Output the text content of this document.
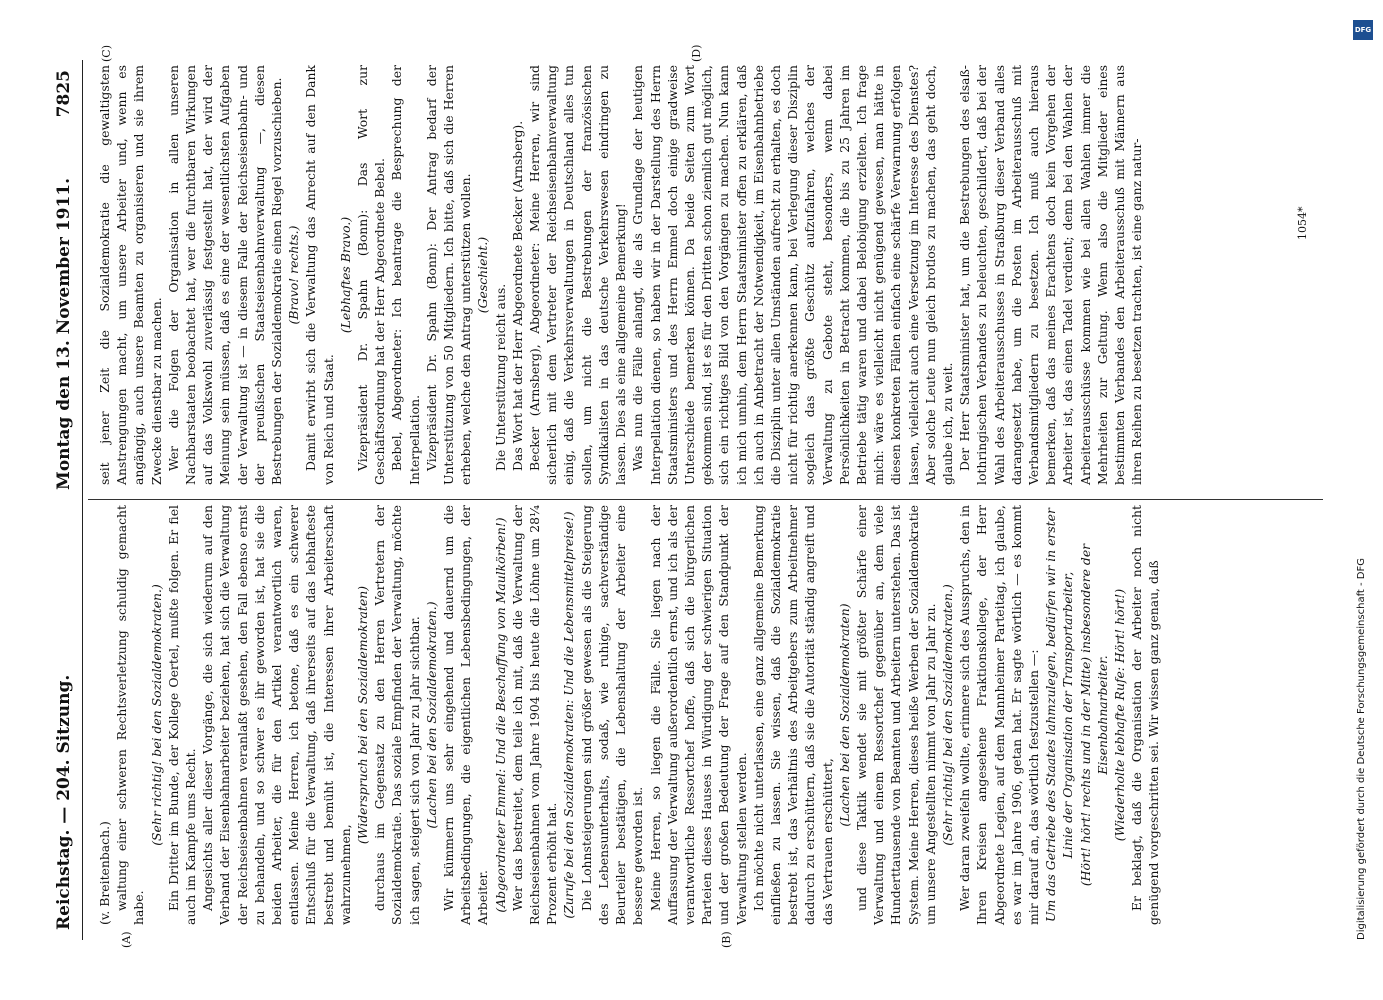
Reichstag. — 204. Sitzung.
Montag den 13. November 1911.
7825
(A)	(B)
(C)	(D)

(v. Breitenbach.) waltung einer schweren Rechtsverletzung schuldig gemacht habe.

(Sehr richtig! bei den Sozialdemokraten.) Ein Dritter im Bunde, der Kollege Oertel, mußte folgen. Er fiel auch im Kampfe ums Recht. Angesichts aller dieser Vorgänge, die sich wiederum auf den Verband der Eisenbahnarbeiter beziehen, hat sich die Verwaltung der Reichseisenbahnen veranlaßt gesehen, den Fall ebenso ernst zu behandeln, und so schwer es ihr geworden ist, hat sie die beiden Arbeiter, die für den Artikel verantwortlich waren, entlassen. Meine Herren, ich betone, daß es ein schwerer Entschluß für die Verwaltung, daß ihrerseits auf das lebhafteste bestrebt und bemüht ist, die Interessen ihrer Arbeiterschaft wahrzunehmen,

(Widerspruch bei den Sozialdemokraten) durchaus im Gegensatz zu den Herren Vertretern der Sozialdemokratie. Das soziale Empfinden der Verwaltung, möchte ich sagen, steigert sich von Jahr zu Jahr sichtbar. (Lachen bei den Sozialdemokraten.) Wir kümmern uns sehr eingehend und dauernd um die Arbeitsbedingungen, die eigentlichen Lebensbedingungen, der Arbeiter. (Abgeordneter Emmel: Und die Beschaffung von Maulkörben!) Wer das bestreitet, dem teile ich mit, daß die Verwaltung der Reichseisenbahnen vom Jahre 1904 bis heute die Löhne um 28¼ Prozent erhöht hat. (Zurufe bei den Sozialdemokraten: Und die Lebensmittelpreise!) Die Lohnsteigerungen sind größer gewesen als die Steigerung des Lebensunterhalts, sodaß, wie ruhige, sachverständige Beurteiler bestätigen, die Lebenshaltung der Arbeiter eine bessere geworden ist. Meine Herren, so liegen die Fälle. Sie liegen nach der Auffassung der Verwaltung außerordentlich ernst, und ich als der verantwortliche Ressortchef hoffe, daß sich die bürgerlichen Parteien dieses Hauses in Würdigung der schwierigen Situation und der großen Bedeutung der Frage auf den Standpunkt der Verwaltung stellen werden. Ich möchte nicht unterlassen, eine ganz allgemeine Bemerkung einfließen zu lassen. Sie wissen, daß die Sozialdemokratie bestrebt ist, das Verhältnis des Arbeitgebers zum Arbeitnehmer dadurch zu erschüttern, daß sie die Autorität ständig angreift und das Vertrauen erschüttert,

(Lachen bei den Sozialdemokraten) und diese Taktik wendet sie mit größter Schärfe einer Verwaltung und einem Ressortchef gegenüber an, dem viele Hunderttausende von Beamten und Arbeitern unterstehen. Das ist System. Meine Herren, dieses heiße Werben der Sozialdemokratie um unsere Angestellten nimmt von Jahr zu Jahr zu. (Sehr richtig! bei den Sozialdemokraten.) Wer daran zweifeln wollte, erinnere sich des Ausspruchs, den in Ihren Kreisen angesehene Fraktionskollege, der Herr Abgeordnete Legien, auf dem Mannheimer Parteitag, ich glaube, es war im Jahre 1906, getan hat. Er sagte wörtlich — es kommt mir darauf an, das wörtlich festzustellen —: Um das Getriebe des Staates lahmzulegen, bedürfen wir in erster Linie der Organisation der Transportarbeiter, (Hört! hört! rechts und in der Mitte) insbesondere der Eisenbahnarbeiter. (Wiederholte lebhafte Rufe: Hört! hört!) Er beklagt, daß die Organisation der Arbeiter noch nicht genügend vorgeschritten sei. Wir wissen ganz genau, daß

seit jener Zeit die Sozialdemokratie die gewaltigsten Anstrengungen macht, um unsere Arbeiter und, wenn es angängig, auch unsere Beamten zu organisieren und sie ihrem Zwecke dienstbar zu machen. Wer die Folgen der Organisation in allen unseren Nachbarstaaten beobachtet hat, wer die furchtbaren Wirkungen auf das Volkswohl zuverlässig festgestellt hat, der wird der Meinung sein müssen, daß es eine der wesentlichsten Aufgaben der Verwaltung ist — in diesem Falle der Reichseisenbahn- und der preußischen Staatseisenbahnverwaltung —, diesen Bestrebungen der Sozialdemokratie einen Riegel vorzuschieben. (Bravo! rechts.) Damit erwirbt sich die Verwaltung das Anrecht auf den Dank von Reich und Staat.

(Lebhaftes Bravo.) Vizepräsident Dr. Spahn (Bonn): Das Wort zur Geschäftsordnung hat der Herr Abgeordnete Bebel. Bebel, Abgeordneter: Ich beantrage die Besprechung der Interpellation. Vizepräsident Dr. Spahn (Bonn): Der Antrag bedarf der Unterstützung von 50 Mitgliedern. Ich bitte, daß sich die Herren erheben, welche den Antrag unterstützen wollen. (Geschieht.)

Die Unterstützung reicht aus. Das Wort hat der Herr Abgeordnete Becker (Arnsberg). Becker (Arnsberg), Abgeordneter: Meine Herren, wir sind sicherlich mit dem Vertreter der Reichseisenbahnverwaltung einig, daß die Verkehrsverwaltungen in Deutschland alles tun sollen, um nicht die Bestrebungen der französischen Syndikalisten in das deutsche Verkehrswesen eindringen zu lassen. Dies als eine allgemeine Bemerkung! Was nun die Fälle anlangt, die als Grundlage der heutigen Interpellation dienen, so haben wir in der Darstellung des Herrn Staatsministers und des Herrn Emmel doch einige gradweise Unterschiede bemerken können. Da beide Seiten zum Wort gekommen sind, ist es für den Dritten schon ziemlich gut möglich, sich ein richtiges Bild von den Vorgängen zu machen. Nun kann ich mich umhin, dem Herrn Staatsminister offen zu erklären, daß ich auch in Anbetracht der Notwendigkeit, im Eisenbahnbetriebe die Disziplin unter allen Umständen aufrecht zu erhalten, es doch nicht für richtig anerkennen kann, bei Verlegung dieser Disziplin sogleich das größte Geschütz aufzufahren, welches der Verwaltung zu Gebote steht, besonders, wenn dabei Persönlichkeiten in Betracht kommen, die bis zu 25 Jahren im Betriebe tätig waren und dabei Belobigung erzielten. Ich frage mich: wäre es vielleicht nicht genügend gewesen, man hätte in diesen konkreten Fällen einfach eine schärfe Verwarnung erfolgen lassen, vielleicht auch eine Versetzung im Interesse des Dienstes? Aber solche Leute nun gleich brotlos zu machen, das geht doch, glaube ich, zu weit. Der Herr Staatsminister hat, um die Bestrebungen des elsaß-lothringischen Verbandes zu beleuchten, geschildert, daß bei der Wahl des Arbeiterausschusses in Straßburg dieser Verband alles darangesetzt habe, um die Posten im Arbeiterausschuß mit Verbandsmitgliedern zu besetzen. Ich muß auch hieraus bemerken, daß das meines Erachtens doch kein Vorgehen der Arbeiter ist, das einen Tadel verdient; denn bei den Wahlen der Arbeiterausschüsse kommen wie bei allen Wahlen immer die Mehrheiten zur Geltung. Wenn also die Mitglieder eines bestimmten Verbandes den Arbeiterausschuß mit Männern aus ihren Reihen zu besetzen trachten, ist eine ganz natur-	1054*
Digitalisierung gefördert durch die Deutsche Forschungsgemeinschaft - DFG
DFG
